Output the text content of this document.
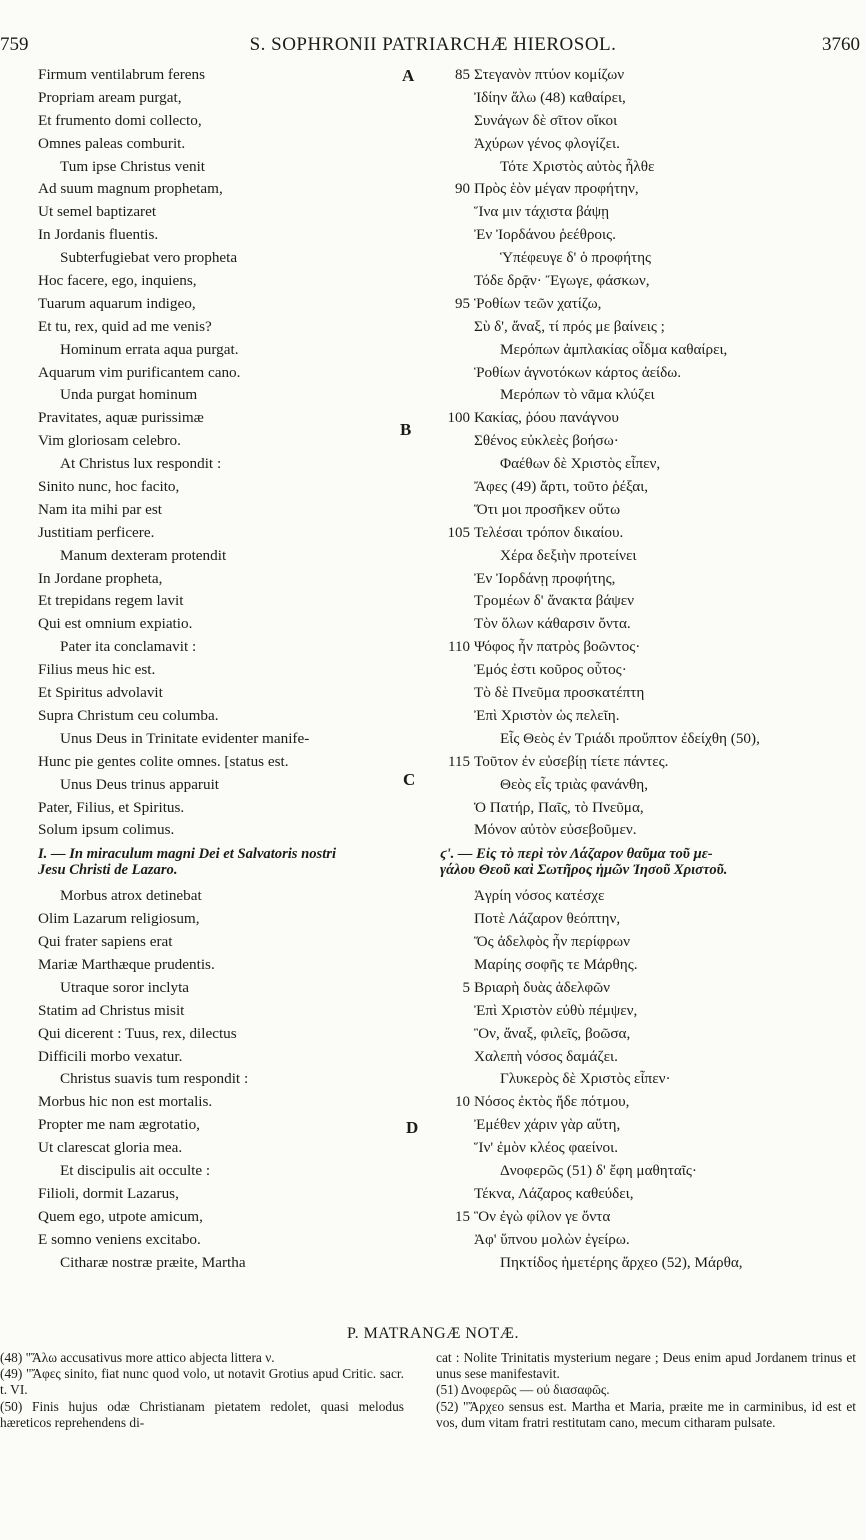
759	S. SOPHRONII PATRIARCHÆ HIEROSOL.	3760
A
B
C
D
Firmum ventilabrum ferens
Propriam aream purgat,
Et frumento domi collecto,
Omnes paleas comburit.
Tum ipse Christus venit
Ad suum magnum prophetam,
Ut semel baptizaret
In Jordanis fluentis.
Subterfugiebat vero propheta
Hoc facere, ego, inquiens,
Tuarum aquarum indigeo,
Et tu, rex, quid ad me venis?
Hominum errata aqua purgat.
Aquarum vim purificantem cano.
Unda purgat hominum
Pravitates, aquæ purissimæ
Vim gloriosam celebro.
At Christus lux respondit :
Sinito nunc, hoc facito,
Nam ita mihi par est
Justitiam perficere.
Manum dexteram protendit
In Jordane propheta,
Et trepidans regem lavit
Qui est omnium expiatio.
Pater ita conclamavit :
Filius meus hic est.
Et Spiritus advolavit
Supra Christum ceu columba.
Unus Deus in Trinitate evidenter manife-
Hunc pie gentes colite omnes. [status est.
Unus Deus trinus apparuit
Pater, Filius, et Spiritus.
Solum ipsum colimus.
I. — In miraculum magni Dei et Salvatoris nostri
Jesu Christi de Lazaro.
Morbus atrox detinebat
Olim Lazarum religiosum,
Qui frater sapiens erat
Mariæ Marthæque prudentis.
Utraque soror inclyta
Statim ad Christus misit
Qui dicerent : Tuus, rex, dilectus
Difficili morbo vexatur.
Christus suavis tum respondit :
Morbus hic non est mortalis.
Propter me nam ægrotatio,
Ut clarescat gloria mea.
Et discipulis ait occulte :
Filioli, dormit Lazarus,
Quem ego, utpote amicum,
E somno veniens excitabo.
Citharæ nostræ præite, Martha
85 Στεγανὸν πτύον κομίζων
Ἰδίην ἅλω (48) καθαίρει,
Συνάγων δὲ σῖτον οἴκοι
Ἀχύρων γένος φλογίζει.
Τότε Χριστὸς αὐτὸς ἦλθε
90 Πρὸς ἑὸν μέγαν προφήτην,
Ἵνα μιν τάχιστα βάψῃ
Ἐν Ἰορδάνου ῥεέθροις.
Ὑπέφευγε δ' ὁ προφήτης
Τόδε δρᾷν· Ἔγωγε, φάσκων,
95 Ῥοθίων τεῶν χατίζω,
Σὺ δ', ἄναξ, τί πρός με βαίνεις ;
Μερόπων ἀμπλακίας οἶδμα καθαίρει,
Ῥοθίων ἁγνοτόκων κάρτος ἀείδω.
Μερόπων τὸ νᾶμα κλύζει
100 Κακίας, ῥόου πανάγνου
Σθένος εὐκλεὲς βοήσω·
Φαέθων δὲ Χριστὸς εἶπεν,
Ἄφες (49) ἄρτι, τοῦτο ῥέξαι,
Ὅτι μοι προσῆκεν οὕτω
105 Τελέσαι τρόπον δικαίου.
Χέρα δεξιὴν προτείνει
Ἐν Ἰορδάνῃ προφήτης,
Τρομέων δ' ἄνακτα βάψεν
Τὸν ὅλων κάθαρσιν ὄντα.
110 Ψόφος ἦν πατρὸς βοῶντος·
Ἐμός ἐστι κοῦρος οὗτος·
Τὸ δὲ Πνεῦμα προσκατέπτη
Ἐπὶ Χριστὸν ὡς πελεῖη.
Εἷς Θεὸς ἐν Τριάδι προὔπτον ἐδείχθη (50),
115 Τοῦτον ἐν εὐσεβίῃ τίετε πάντες.
Θεὸς εἷς τριὰς φανάνθη,
Ὁ Πατήρ, Παῖς, τὸ Πνεῦμα,
Μόνον αὐτὸν εὐσεβοῦμεν.
ϛ'. — Εἰς τὸ περὶ τὸν Λάζαρον θαῦμα τοῦ με-
γάλου Θεοῦ καὶ Σωτῆρος ἡμῶν Ἰησοῦ Χριστοῦ.
Ἀγρίη νόσος κατέσχε
Ποτὲ Λάζαρον θεόπτην,
Ὅς ἀδελφὸς ἦν περίφρων
Μαρίης σοφῆς τε Μάρθης.
5 Βριαρὴ δυὰς ἀδελφῶν
Ἐπὶ Χριστὸν εὐθὺ πέμψεν,
Ὃν, ἄναξ, φιλεῖς, βοῶσα,
Χαλεπὴ νόσος δαμάζει.
Γλυκερὸς δὲ Χριστὸς εἶπεν·
10 Νόσος ἐκτὸς ἥδε πότμου,
Ἐμέθεν χάριν γὰρ αὕτη,
Ἵν' ἐμὸν κλέος φαείνοι.
Δνοφερῶς (51) δ' ἔφη μαθηταῖς·
Τέκνα, Λάζαρος καθεύδει,
15 Ὃν ἐγὼ φίλον γε ὄντα
Ἀφ' ὕπνου μολὼν ἐγείρω.
Πηκτίδος ἡμετέρης ἄρχεο (52), Μάρθα,
P. MATRANGÆ NOTÆ.

(48) "Ἅλω accusativus more attico abjecta littera ν.

(49) "Ἄφες sinito, fiat nunc quod volo, ut notavit Grotius apud Critic. sacr. t. VI.

(50) Finis hujus odæ Christianam pietatem redolet, quasi melodus hæreticos reprehendens di-

cat : Nolite Trinitatis mysterium negare ; Deus enim apud Jordanem trinus et unus sese manifestavit.

(51) Δνοφερῶς — οὐ διασαφῶς.

(52) "Ἄρχεο sensus est. Martha et Maria, præite me in carminibus, id est et vos, dum vitam fratri restitutam cano, mecum citharam pulsate.
